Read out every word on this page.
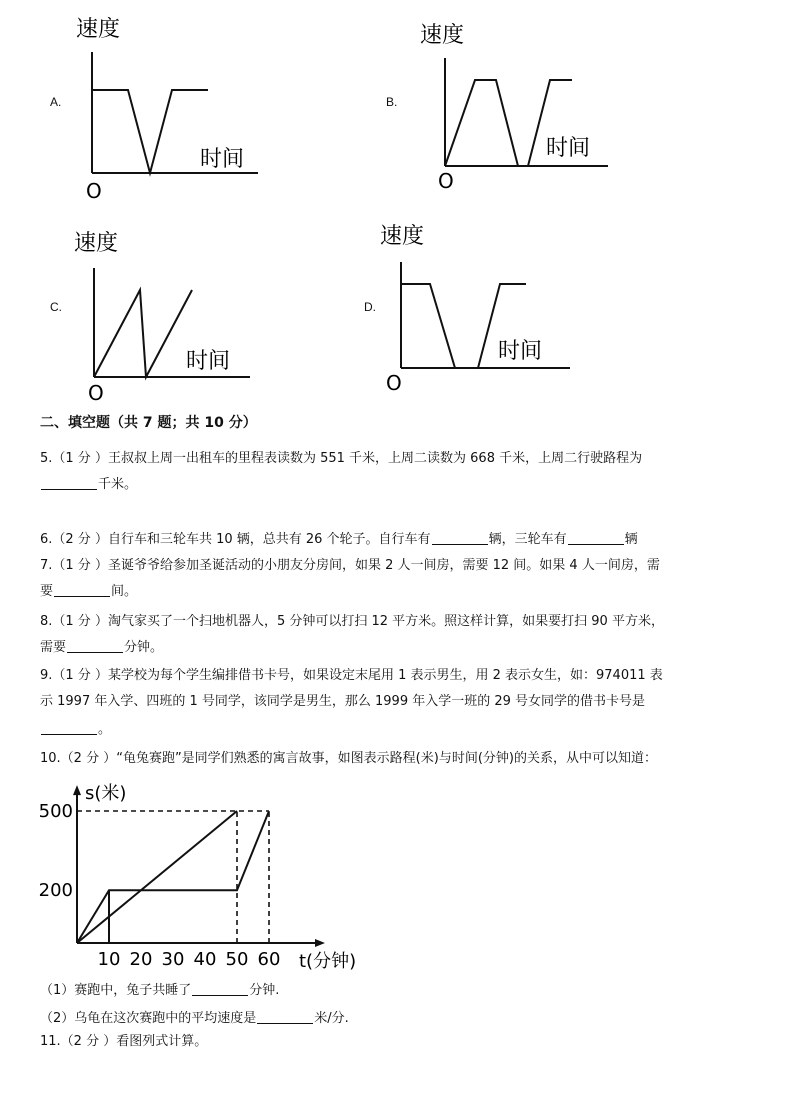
A.
速度
时间
O
B.
速度
时间
O
C.
速度
时间
O
D.
速度
时间
O
二、填空题（共 7 题；共 10 分）
5.（1 分 ）王叔叔上周一出租车的里程表读数为 551 千米，上周二读数为 668 千米，上周二行驶路程为
千米。
6.（2 分 ）自行车和三轮车共 10 辆，总共有 26 个轮子。自行车有	辆，三轮车有	辆
7.（1 分 ）圣诞爷爷给参加圣诞活动的小朋友分房间，如果 2 人一间房，需要 12 间。如果 4 人一间房，需
要	间。
8.（1 分 ）淘气家买了一个扫地机器人，5 分钟可以打扫 12 平方米。照这样计算，如果要打扫 90 平方米，
需要	分钟。
9.（1 分 ）某学校为每个学生编排借书卡号，如果设定末尾用 1 表示男生，用 2 表示女生，如：974011 表
示 1997 年入学、四班的 1 号同学，该同学是男生，那么 1999 年入学一班的 29 号女同学的借书卡号是
。
10.（2 分 ）“龟兔赛跑”是同学们熟悉的寓言故事，如图表示路程(米)与时间(分钟)的关系，从中可以知道：
s(米)
t(分钟)
10 20 30 40 50 60
200
500
（1）赛跑中，兔子共睡了	分钟.
（2）乌龟在这次赛跑中的平均速度是	米/分.
11.（2 分 ）看图列式计算。
